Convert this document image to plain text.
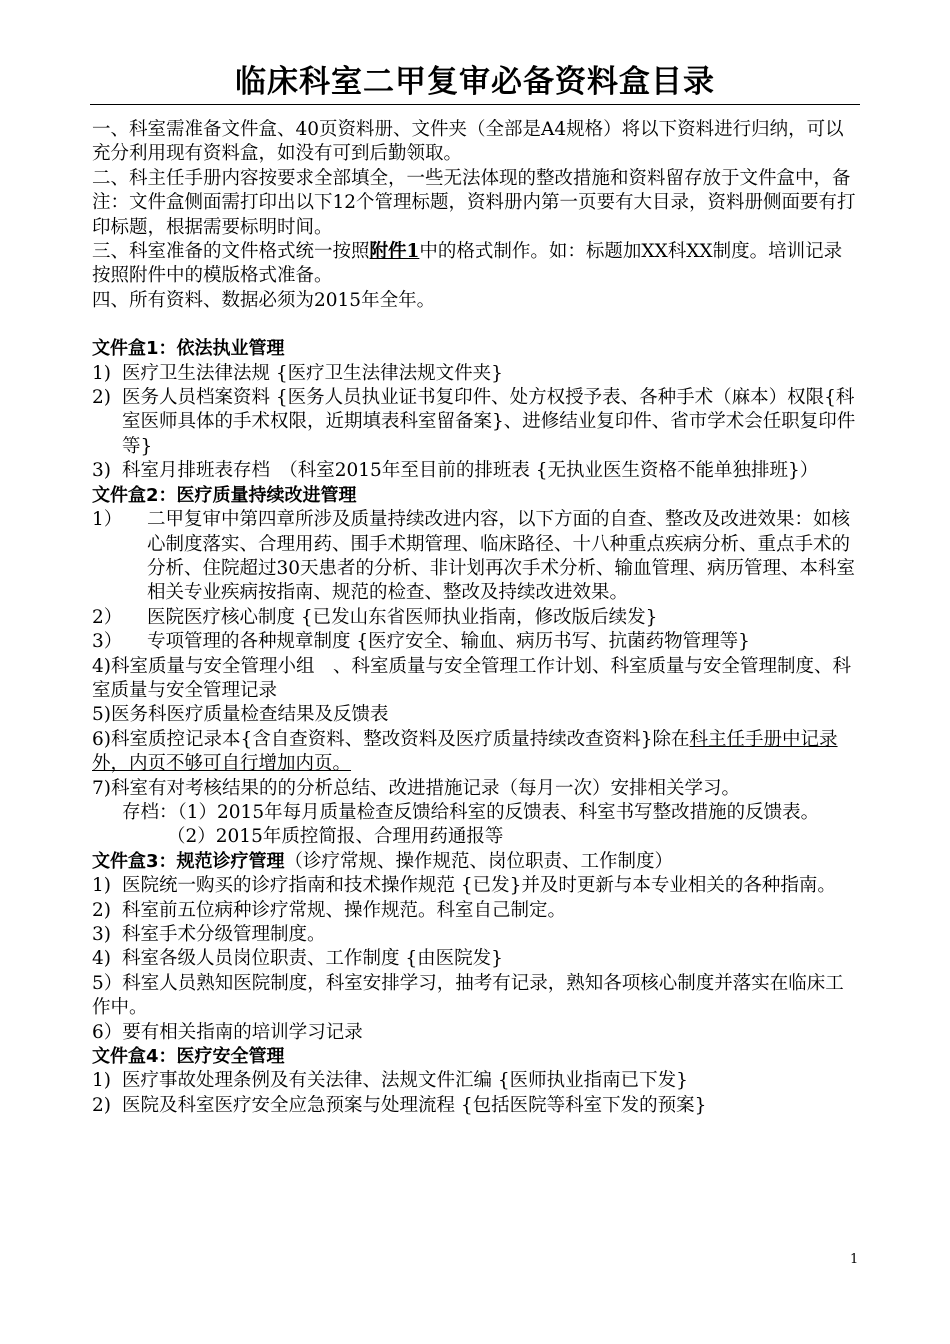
临床科室二甲复审必备资料盒目录

一、科室需准备文件盒、40页资料册、文件夹（全部是A4规格）将以下资料进行归纳，可以充分利用现有资料盒，如没有可到后勤领取。

二、科主任手册内容按要求全部填全，一些无法体现的整改措施和资料留存放于文件盒中，备注：文件盒侧面需打印出以下12个管理标题，资料册内第一页要有大目录，资料册侧面要有打印标题，根据需要标明时间。

三、科室准备的文件格式统一按照附件1中的格式制作。如：标题加XX科XX制度。培训记录按照附件中的模版格式准备。

四、所有资料、数据必须为2015年全年。

文件盒1：依法执业管理

1) 医疗卫生法律法规 {医疗卫生法律法规文件夹}
2) 医务人员档案资料 {医务人员执业证书复印件、处方权授予表、各种手术（麻本）权限{科室医师具体的手术权限，近期填表科室留备案}、进修结业复印件、省市学术会任职复印件等}
3) 科室月排班表存档　（科室2015年至目前的排班表 {无执业医生资格不能单独排班}）

文件盒2：医疗质量持续改进管理

1）	二甲复审中第四章所涉及质量持续改进内容，以下方面的自查、整改及改进效果：如核心制度落实、合理用药、围手术期管理、临床路径、十八种重点疾病分析、重点手术的分析、住院超过30天患者的分析、非计划再次手术分析、输血管理、病历管理、本科室相关专业疾病按指南、规范的检查、整改及持续改进效果。
2）	医院医疗核心制度 {已发山东省医师执业指南，修改版后续发}
3）	专项管理的各种规章制度 {医疗安全、输血、病历书写、抗菌药物管理等}

4)科室质量与安全管理小组　、科室质量与安全管理工作计划、科室质量与安全管理制度、科室质量与安全管理记录

5)医务科医疗质量检查结果及反馈表

6)科室质控记录本{含自查资料、整改资料及医疗质量持续改查资料}除在科主任手册中记录外，内页不够可自行增加内页。

7)科室有对考核结果的的分析总结、改进措施记录（每月一次）安排相关学习。

存档：（1）2015年每月质量检查反馈给科室的反馈表、科室书写整改措施的反馈表。

（2）2015年质控简报、合理用药通报等

文件盒3：规范诊疗管理（诊疗常规、操作规范、岗位职责、工作制度）

1) 医院统一购买的诊疗指南和技术操作规范 {已发}并及时更新与本专业相关的各种指南。
2) 科室前五位病种诊疗常规、操作规范。科室自己制定。
3) 科室手术分级管理制度。
4) 科室各级人员岗位职责、工作制度 {由医院发}

5）科室人员熟知医院制度，科室安排学习，抽考有记录，熟知各项核心制度并落实在临床工作中。

6）要有相关指南的培训学习记录

文件盒4：医疗安全管理

1) 医疗事故处理条例及有关法律、法规文件汇编 {医师执业指南已下发}
2) 医院及科室医疗安全应急预案与处理流程 {包括医院等科室下发的预案}
1
